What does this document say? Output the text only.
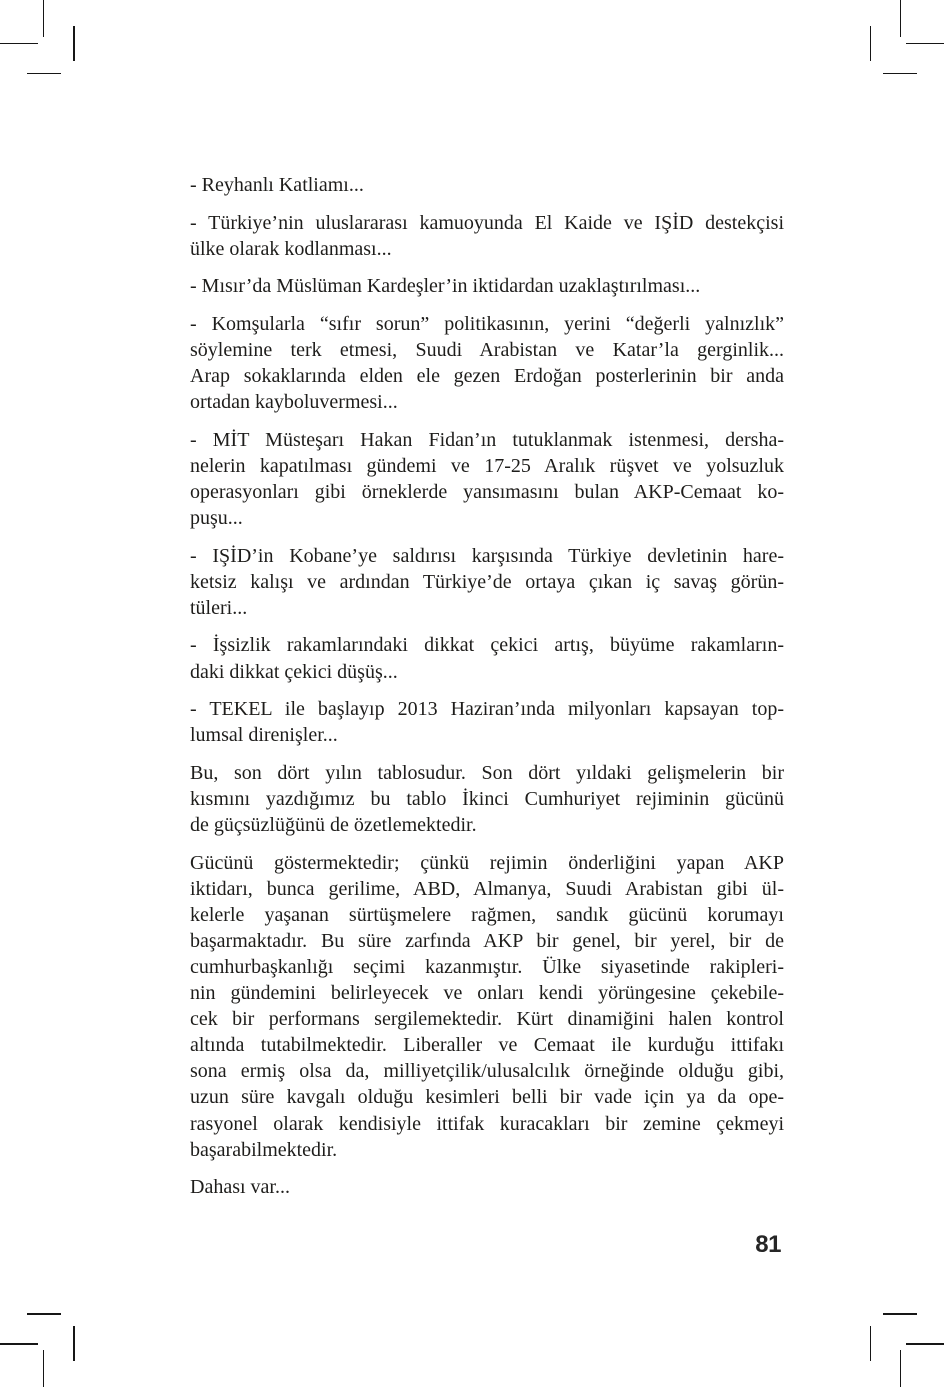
- Reyhanlı Katliamı...

- Türkiye’nin uluslararası kamuoyunda El Kaide ve IŞİD destekçisi
ülke olarak kodlanması...

- Mısır’da Müslüman Kardeşler’in iktidardan uzaklaştırılması...

- Komşularla “sıfır sorun” politikasının, yerini “değerli yalnızlık”
söylemine terk etmesi, Suudi Arabistan ve Katar’la gerginlik...
Arap sokaklarında elden ele gezen Erdoğan posterlerinin bir anda
ortadan kayboluvermesi...

- MİT Müsteşarı Hakan Fidan’ın tutuklanmak istenmesi, dersha-
nelerin kapatılması gündemi ve 17-25 Aralık rüşvet ve yolsuzluk
operasyonları gibi örneklerde yansımasını bulan AKP-Cemaat ko-
puşu...

- IŞİD’in Kobane’ye saldırısı karşısında Türkiye devletinin hare-
ketsiz kalışı ve ardından Türkiye’de ortaya çıkan iç savaş görün-
tüleri...

- İşsizlik rakamlarındaki dikkat çekici artış, büyüme rakamların-
daki dikkat çekici düşüş...

- TEKEL ile başlayıp 2013 Haziran’ında milyonları kapsayan top-
lumsal direnişler...

Bu, son dört yılın tablosudur. Son dört yıldaki gelişmelerin bir
kısmını yazdığımız bu tablo İkinci Cumhuriyet rejiminin gücünü
de güçsüzlüğünü de özetlemektedir.

Gücünü göstermektedir; çünkü rejimin önderliğini yapan AKP
iktidarı, bunca gerilime, ABD, Almanya, Suudi Arabistan gibi ül-
kelerle yaşanan sürtüşmelere rağmen, sandık gücünü korumayı
başarmaktadır. Bu süre zarfında AKP bir genel, bir yerel, bir de
cumhurbaşkanlığı seçimi kazanmıştır. Ülke siyasetinde rakipleri-
nin gündemini belirleyecek ve onları kendi yörüngesine çekebile-
cek bir performans sergilemektedir. Kürt dinamiğini halen kontrol
altında tutabilmektedir. Liberaller ve Cemaat ile kurduğu ittifakı
sona ermiş olsa da, milliyetçilik/ulusalcılık örneğinde olduğu gibi,
uzun süre kavgalı olduğu kesimleri belli bir vade için ya da ope-
rasyonel olarak kendisiyle ittifak kuracakları bir zemine çekmeyi
başarabilmektedir.

Dahası var...

81
